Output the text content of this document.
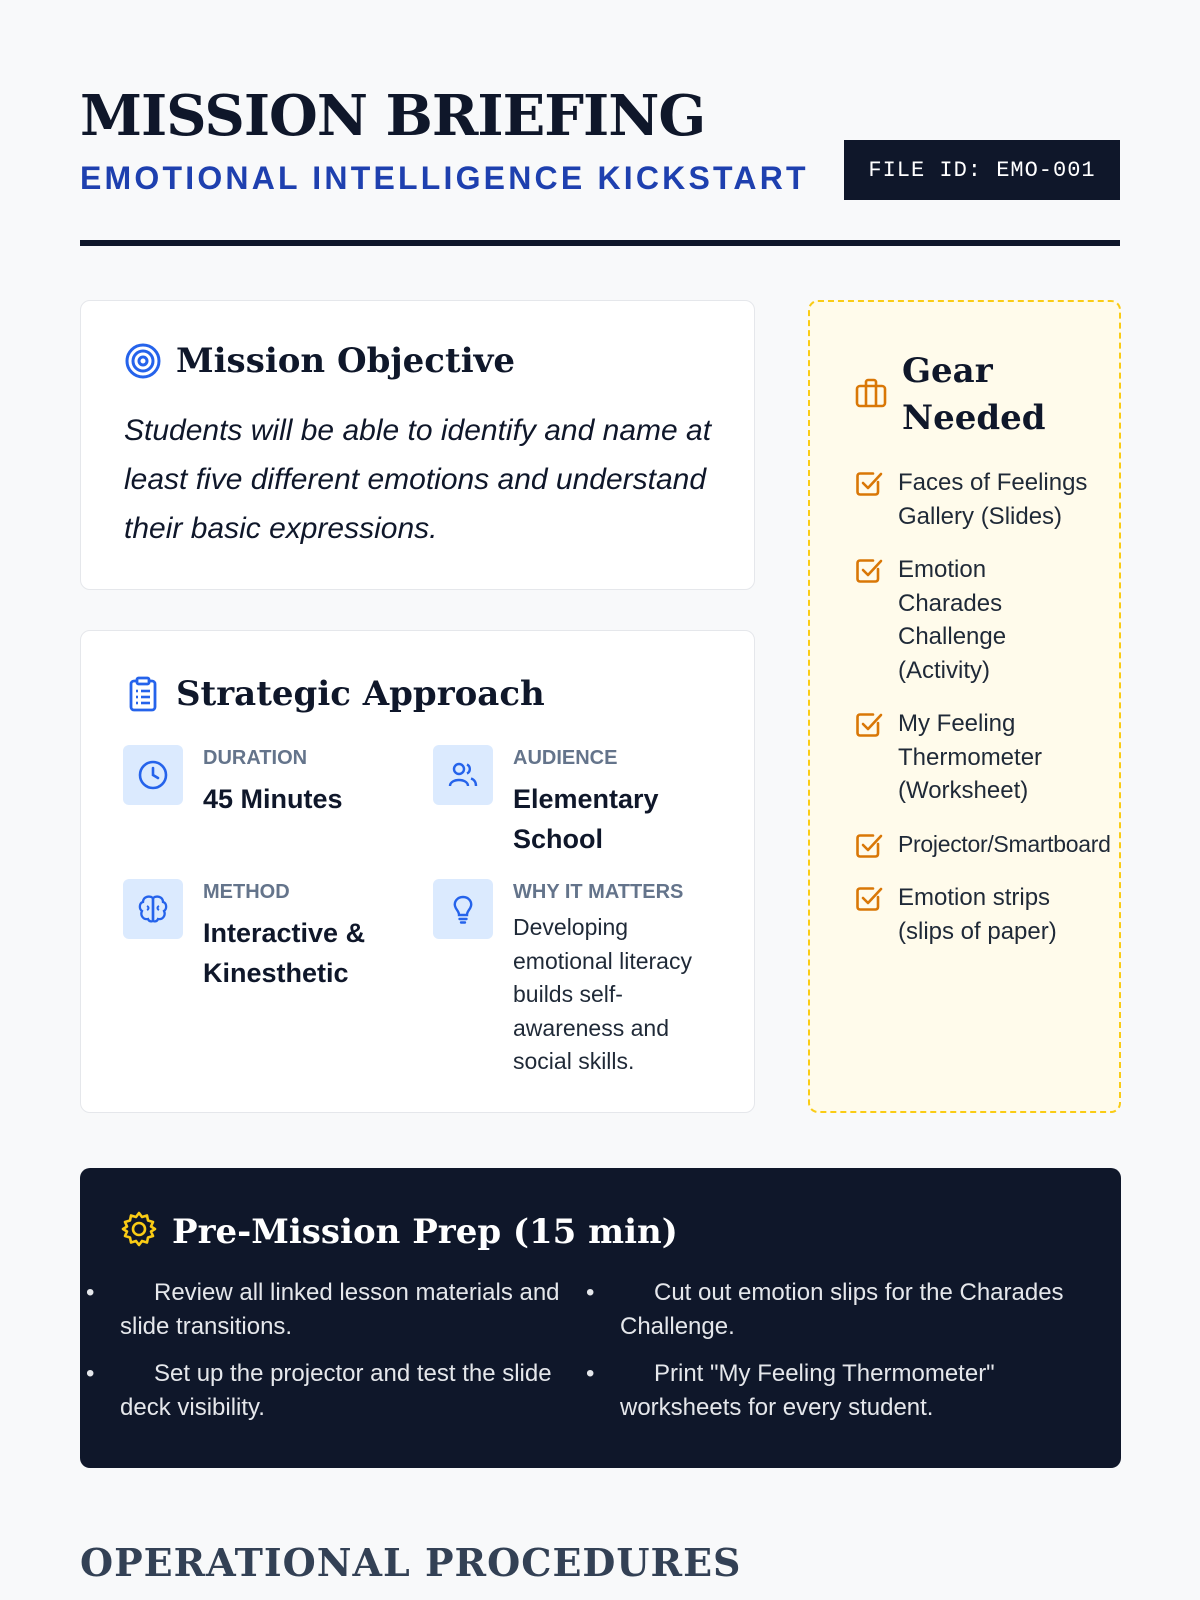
MISSION BRIEFING
EMOTIONAL INTELLIGENCE KICKSTART	FILE ID: EMO-001
Mission Objective
Students will be able to identify and name at least five different emotions and understand their basic expressions.
Strategic Approach
DURATION
45 Minutes
AUDIENCE
Elementary School
METHOD
Interactive & Kinesthetic
WHY IT MATTERS
Developing emotional literacy builds self-awareness and social skills.
Gear Needed
Faces of Feelings Gallery (Slides)
Emotion Charades Challenge (Activity)
My Feeling Thermometer (Worksheet)
Projector/Smartboard
Emotion strips (slips of paper)
Pre-Mission Prep (15 min)
• Review all linked lesson materials and slide transitions.
• Set up the projector and test the slide deck visibility.
• Cut out emotion slips for the Charades Challenge.
• Print "My Feeling Thermometer" worksheets for every student.
OPERATIONAL PROCEDURES
